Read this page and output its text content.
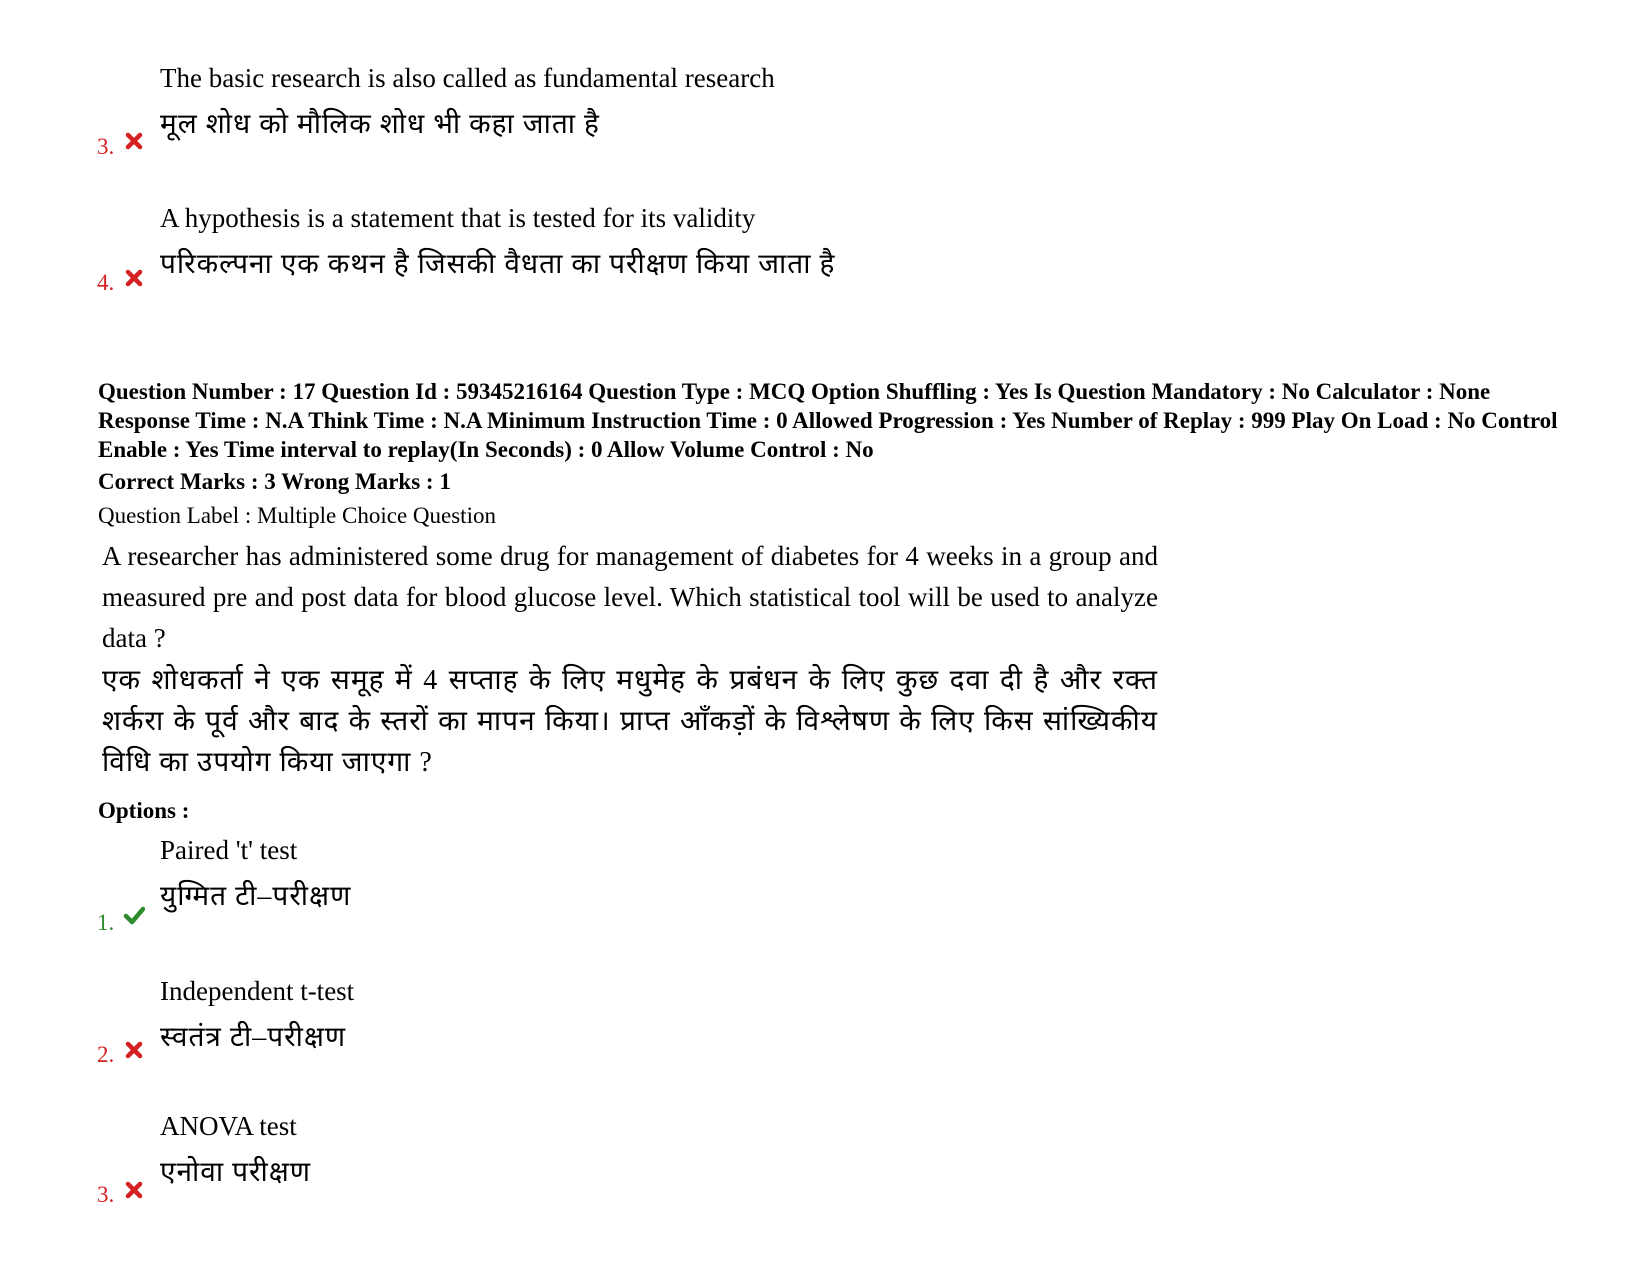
The basic research is also called as fundamental research
मूल शोध को मौलिक शोध भी कहा जाता है
3.
A hypothesis is a statement that is tested for its validity
परिकल्पना एक कथन है जिसकी वैधता का परीक्षण किया जाता है
4.
Question Number : 17 Question Id : 59345216164 Question Type : MCQ Option Shuffling : Yes Is Question Mandatory : No Calculator : None Response Time : N.A Think Time : N.A Minimum Instruction Time : 0 Allowed Progression : Yes Number of Replay : 999 Play On Load : No Control Enable : Yes Time interval to replay(In Seconds) : 0 Allow Volume Control : No
Correct Marks : 3 Wrong Marks : 1
Question Label : Multiple Choice Question
A researcher has administered some drug for management of diabetes for 4 weeks in a group and measured pre and post data for blood glucose level. Which statistical tool will be used to analyze data ?
एक शोधकर्ता ने एक समूह में 4 सप्ताह के लिए मधुमेह के प्रबंधन के लिए कुछ दवा दी है और रक्त शर्करा के पूर्व और बाद के स्तरों का मापन किया। प्राप्त आँकड़ों के विश्लेषण के लिए किस सांख्यिकीय विधि का उपयोग किया जाएगा ?
Options :
Paired 't' test
युग्मित टी–परीक्षण
1.
Independent t-test
स्वतंत्र टी–परीक्षण
2.
ANOVA test
एनोवा परीक्षण
3.
